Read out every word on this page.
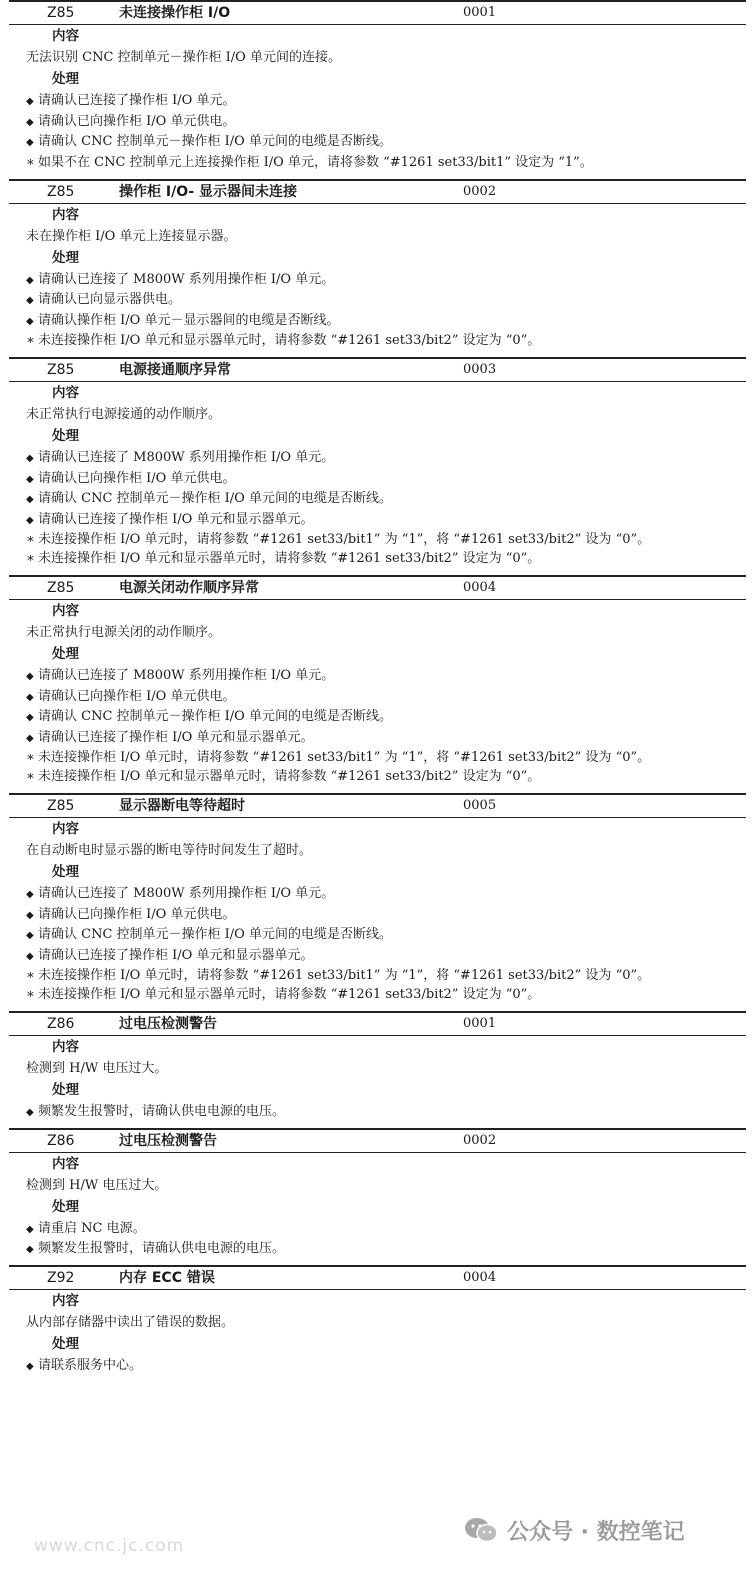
Z85	未连接操作柜 I/O	0001
内容
无法识别 CNC 控制单元－操作柜 I/O 单元间的连接。
处理
◆ 请确认已连接了操作柜 I/O 单元。
◆ 请确认已向操作柜 I/O 单元供电。
◆ 请确认 CNC 控制单元－操作柜 I/O 单元间的电缆是否断线。
∗ 如果不在 CNC 控制单元上连接操作柜 I/O 单元，请将参数 “#1261 set33/bit1” 设定为 “1”。
Z85	操作柜 I/O- 显示器间未连接	0002
内容
未在操作柜 I/O 单元上连接显示器。
处理
◆ 请确认已连接了 M800W 系列用操作柜 I/O 单元。
◆ 请确认已向显示器供电。
◆ 请确认操作柜 I/O 单元－显示器间的电缆是否断线。
∗ 未连接操作柜 I/O 单元和显示器单元时，请将参数 “#1261 set33/bit2” 设定为 “0”。
Z85	电源接通顺序异常	0003
内容
未正常执行电源接通的动作顺序。
处理
◆ 请确认已连接了 M800W 系列用操作柜 I/O 单元。
◆ 请确认已向操作柜 I/O 单元供电。
◆ 请确认 CNC 控制单元－操作柜 I/O 单元间的电缆是否断线。
◆ 请确认已连接了操作柜 I/O 单元和显示器单元。
∗ 未连接操作柜 I/O 单元时，请将参数 “#1261 set33/bit1” 为 “1”，将 “#1261 set33/bit2” 设为 “0”。
∗ 未连接操作柜 I/O 单元和显示器单元时，请将参数 “#1261 set33/bit2” 设定为 “0”。
Z85	电源关闭动作顺序异常	0004
内容
未正常执行电源关闭的动作顺序。
处理
◆ 请确认已连接了 M800W 系列用操作柜 I/O 单元。
◆ 请确认已向操作柜 I/O 单元供电。
◆ 请确认 CNC 控制单元－操作柜 I/O 单元间的电缆是否断线。
◆ 请确认已连接了操作柜 I/O 单元和显示器单元。
∗ 未连接操作柜 I/O 单元时，请将参数 “#1261 set33/bit1” 为 “1”，将 “#1261 set33/bit2” 设为 “0”。
∗ 未连接操作柜 I/O 单元和显示器单元时，请将参数 “#1261 set33/bit2” 设定为 “0”。
Z85	显示器断电等待超时	0005
内容
在自动断电时显示器的断电等待时间发生了超时。
处理
◆ 请确认已连接了 M800W 系列用操作柜 I/O 单元。
◆ 请确认已向操作柜 I/O 单元供电。
◆ 请确认 CNC 控制单元－操作柜 I/O 单元间的电缆是否断线。
◆ 请确认已连接了操作柜 I/O 单元和显示器单元。
∗ 未连接操作柜 I/O 单元时，请将参数 “#1261 set33/bit1” 为 “1”，将 “#1261 set33/bit2” 设为 “0”。
∗ 未连接操作柜 I/O 单元和显示器单元时，请将参数 “#1261 set33/bit2” 设定为 “0”。
Z86	过电压检测警告	0001
内容
检测到 H/W 电压过大。
处理
◆ 频繁发生报警时，请确认供电电源的电压。
Z86	过电压检测警告	0002
内容
检测到 H/W 电压过大。
处理
◆ 请重启 NC 电源。
◆ 频繁发生报警时，请确认供电电源的电压。
Z92	内存 ECC 错误	0004
内容
从内部存储器中读出了错误的数据。
处理
◆ 请联系服务中心。
公众号 · 数控笔记
www.cnc.jc.com
